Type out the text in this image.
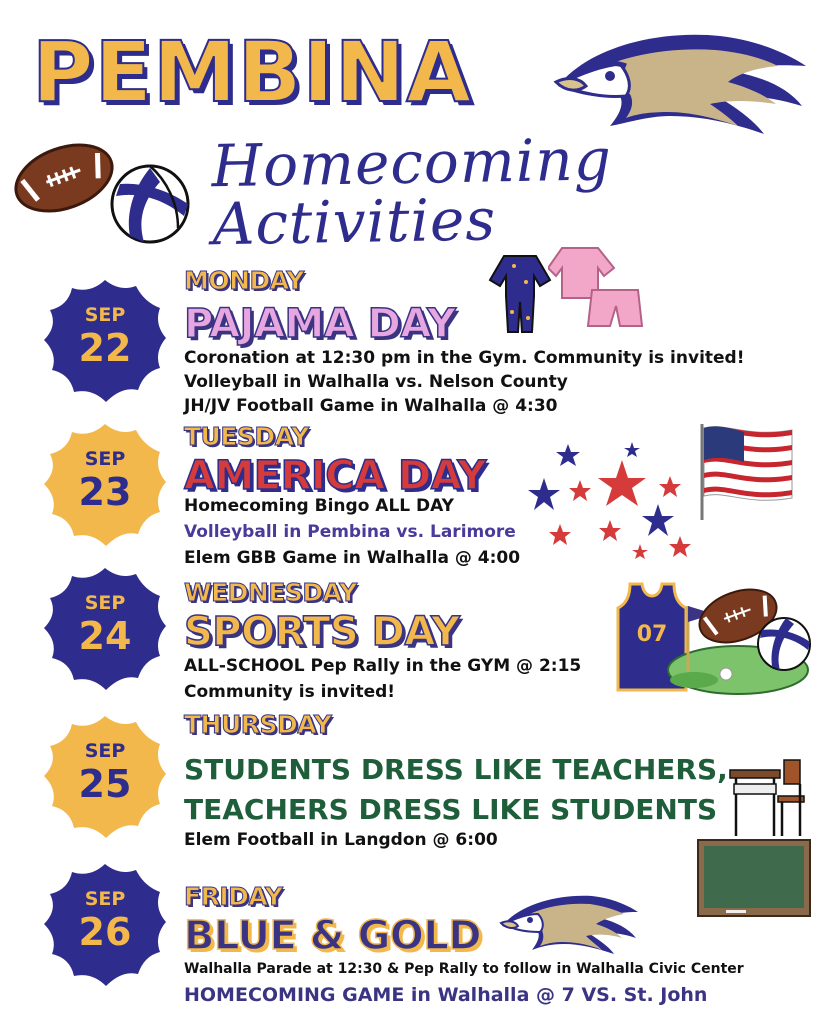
PEMBINA
Homecoming Activities
SEP
22
SEP
23
SEP
24
SEP
25
SEP
26
MONDAY
PAJAMA DAY
Coronation at 12:30 pm in the Gym. Community is invited!
Volleyball in Walhalla vs. Nelson County
JH/JV Football Game in Walhalla @ 4:30
TUESDAY
AMERICA DAY
Homecoming Bingo ALL DAY
Volleyball in Pembina vs. Larimore
Elem GBB Game in Walhalla @ 4:00
WEDNESDAY
SPORTS DAY
ALL-SCHOOL Pep Rally in the GYM @ 2:15
Community is invited!
07
THURSDAY
STUDENTS DRESS LIKE TEACHERS,
TEACHERS DRESS LIKE STUDENTS
Elem Football in Langdon @ 6:00
FRIDAY
BLUE & GOLD
Walhalla Parade at 12:30 & Pep Rally to follow in Walhalla Civic Center
HOMECOMING GAME in Walhalla @ 7 VS. St. John
